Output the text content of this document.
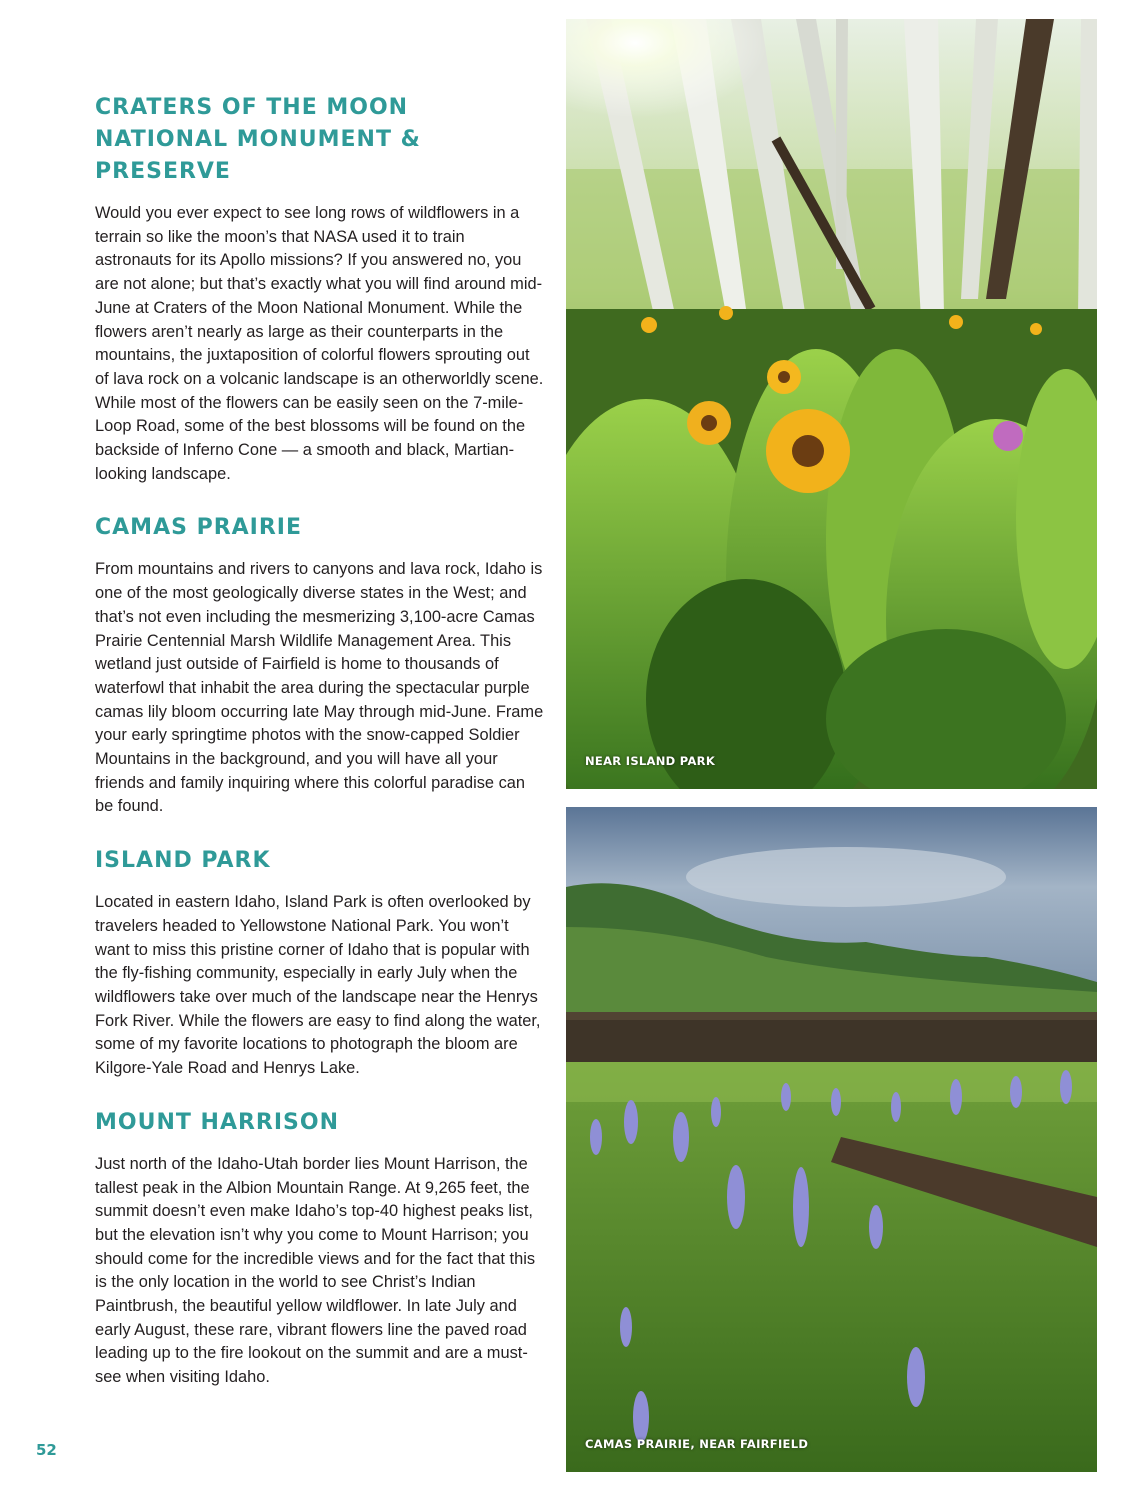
CRATERS OF THE MOON NATIONAL MONUMENT & PRESERVE

Would you ever expect to see long rows of wildflowers in a terrain so like the moon’s that NASA used it to train astronauts for its Apollo missions? If you answered no, you are not alone; but that’s exactly what you will find around mid-June at Craters of the Moon National Monument. While the flowers aren’t nearly as large as their counterparts in the mountains, the juxtaposition of colorful flowers sprouting out of lava rock on a volcanic landscape is an otherworldly scene. While most of the flowers can be easily seen on the 7-mile-Loop Road, some of the best blossoms will be found on the backside of Inferno Cone — a smooth and black, Martian-looking landscape.

CAMAS PRAIRIE

From mountains and rivers to canyons and lava rock, Idaho is one of the most geologically diverse states in the West; and that’s not even including the mesmerizing 3,100-acre Camas Prairie Centennial Marsh Wildlife Management Area. This wetland just outside of Fairfield is home to thousands of waterfowl that inhabit the area during the spectacular purple camas lily bloom occurring late May through mid-June. Frame your early springtime photos with the snow-capped Soldier Mountains in the background, and you will have all your friends and family inquiring where this colorful paradise can be found.

ISLAND PARK

Located in eastern Idaho, Island Park is often overlooked by travelers headed to Yellowstone National Park. You won’t want to miss this pristine corner of Idaho that is popular with the fly-fishing community, especially in early July when the wildflowers take over much of the landscape near the Henrys Fork River. While the flowers are easy to find along the water, some of my favorite locations to photograph the bloom are Kilgore-Yale Road and Henrys Lake.

MOUNT HARRISON

Just north of the Idaho-Utah border lies Mount Harrison, the tallest peak in the Albion Mountain Range. At 9,265 feet, the summit doesn’t even make Idaho’s top-40 highest peaks list, but the elevation isn’t why you come to Mount Harrison; you should come for the incredible views and for the fact that this is the only location in the world to see Christ’s Indian Paintbrush, the beautiful yellow wildflower. In late July and early August, these rare, vibrant flowers line the paved road leading up to the fire lookout on the summit and are a must-see when visiting Idaho.

52
NEAR ISLAND PARK
CAMAS PRAIRIE, NEAR FAIRFIELD
